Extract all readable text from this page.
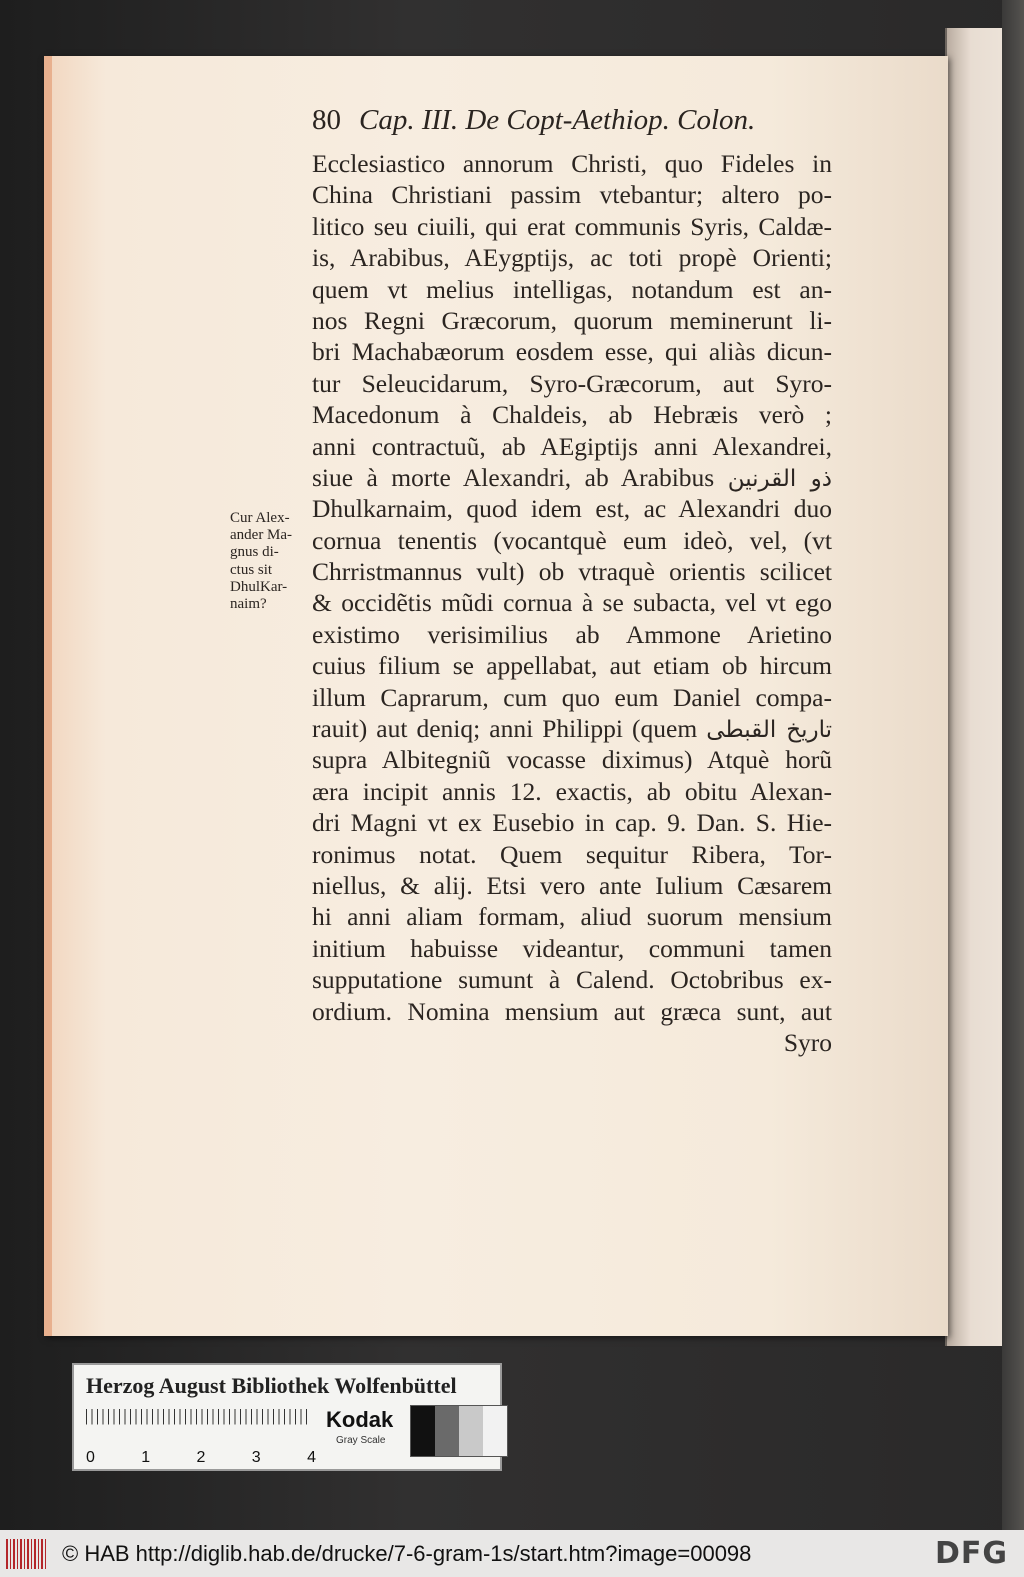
80 Cap. III. De Copt-Aethiop. Colon.
Ecclesiastico annorum Christi, quo Fideles in
China Christiani passim vtebantur; altero po-
litico seu ciuili, qui erat communis Syris, Caldæ-
is, Arabibus, AEygptijs, ac toti propè Orienti;
quem vt melius intelligas, notandum est an-
nos Regni Græcorum, quorum meminerunt li-
bri Machabæorum eosdem esse, qui aliàs dicun-
tur Seleucidarum, Syro-Græcorum, aut Syro-
Macedonum à Chaldeis, ab Hebræis verò ;
anni contractuũ, ab AEgiptijs anni Alexandrei,
siue à morte Alexandri, ab Arabibus ذو القرنين
Dhulkarnaim, quod idem est, ac Alexandri duo
cornua tenentis (vocantquè eum ideò, vel, (vt
Chrristmannus vult) ob vtraquè orientis scilicet
& occidẽtis mũdi cornua à se subacta, vel vt ego
existimo verisimilius ab Ammone Arietino
cuius filium se appellabat, aut etiam ob hircum
illum Caprarum, cum quo eum Daniel compa-
rauit) aut deniq; anni Philippi (quem تاريخ القبطى
supra Albitegniũ vocasse diximus) Atquè horũ
æra incipit annis 12. exactis, ab obitu Alexan-
dri Magni vt ex Eusebio in cap. 9. Dan. S. Hie-
ronimus notat. Quem sequitur Ribera, Tor-
niellus, & alij. Etsi vero ante Iulium Cæsarem
hi anni aliam formam, aliud suorum mensium
initium habuisse videantur, communi tamen
supputatione sumunt à Calend. Octobribus ex-
ordium. Nomina mensium aut græca sunt, aut
Syro
Cur Alex-
ander Ma-
gnus di-
ctus sit
DhulKar-
naim?
Herzog August Bibliothek Wolfenbüttel
0	1	2	3	4
Kodak
Gray Scale
© HAB http://diglib.hab.de/drucke/7-6-gram-1s/start.htm?image=00098	DFG
